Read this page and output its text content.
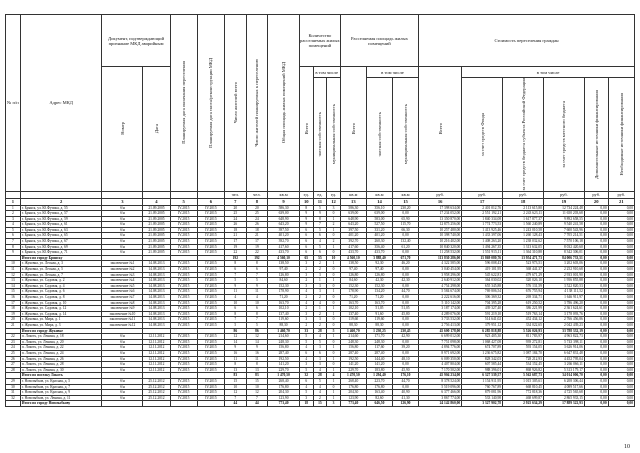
№ п/п	Адрес МКД	Документ, подтверждающий признание МКД аварийным		Планируемая дата окончания переселения	Планируемая дата сноса/реконструкции МКД	Число жителей всего	Число жителей планируемых к переселению	Общая площадь жилых помещений МКД	Количество расселяемых жилых помещений			Расселяемая площадь жилых помещений			Стоимость переселения граждан					

		Номер	Дата						Всего	в том числе		Всего	в том числе		Всего	в том числе				

										частная собственность	муниципальная собственность		частная собственность	муниципальная собственность		за счет средств Фонда	за счет средств бюджета субъекта Российской Федерации	за счет средств местного бюджета	Дополнительные источники финансирования	Необходимые источники финансирования

						чел.	чел.	кв.м	ед.	ед.	ед.	кв.м	кв.м	кв.м	руб.	руб.	руб.	руб.	руб.	руб.
1	2	3	4	5	6	7	8	9	10	11	12	13	14	15	16	17	18	19	20	21
1	г. Брянск, ул. Ю.Фучика, д. 55	б/н	21.09.2005	IV.2015	IV.2015	20	20	586,30	8	5	3	586,30	356,10	230,20	17 398 634,00	2 401 012,76	2 113 615,80	12 734 224,48	0,00	0,00
2	г. Брянск, ул. Ю.Фучика, д. 57	б/н	21.09.2005	IV.2015	IV.2015	25	25	639,00	9	9	0	639,00	639,00	0,00	17 234 052,00	2 551 192,21	2 243 623,11	11 650 203,68	0,00	0,00
3	г. Брянск, ул. Ю.Фучика, д. 59	б/н	21.09.2005	IV.2015	IV.2015	24	24	648,90	9	8	1	648,90	583,00	65,90	13 350 870,00	1 840 334,08	1 617 877,37	9 892 658,55	0,00	0,00
4	г. Брянск, ул. Ю.Фучика, д. 61	б/н	21.09.2005	IV.2015	IV.2015	26	26	643,20	9	7	2	643,20	527,50	115,70	12 875 256,00	1 774 773,53	1 560 240,89	9 540 241,58	0,00	0,00
5	г. Брянск, ул. Ю.Фучика, д. 63	б/н	21.09.2005	IV.2015	IV.2015	18	18	397,50	6	5	1	397,50	331,20	66,30	10 257 480,00	1 413 925,46	1 243 010,58	7 600 543,96	0,00	0,00
6	г. Брянск, ул. Ю.Фучика, д. 65	б/н	21.09.2005	IV.2015	IV.2015	21	21	401,20	6	6	0	401,20	401,20	0,00	10 398 740,00	1 433 397,06	1 260 128,43	7 705 214,51	0,00	0,00
7	г. Брянск, ул. Ю.Фучика, д. 67	б/н	21.09.2005	IV.2015	IV.2015	17	17	392,70	6	4	2	392,70	260,30	132,40	10 216 402,00	1 408 263,20	1 238 032,62	7 570 106,18	0,00	0,00
8	г. Брянск, ул. Ю.Фучика, д. 69	б/н	21.09.2005	IV.2015	IV.2015	19	19	417,60	6	5	1	417,60	356,40	61,20	10 840 320,00	1 494 267,35	1 313 632,05	8 032 420,60	0,00	0,00
9	г. Брянск, ул. Ю.Фучика, д. 71	б/н	21.09.2005	IV.2015	IV.2015	22	22	433,70	6	6	0	433,70	433,70	0,00	11 258 532,00	1 551 915,11	1 364 310,88	8 342 306,01	0,00	0,00
	Итого по городу Брянску					192	192	4 560,10	65	55	10	4 560,10	3 888,40	671,70	113 830 286,00	15 869 080,76	13 954 471,73	84 006 733,51	0,00	0,00
10	г. Жуковка, ул. Лесная, д. 3	заключение №1	14.08.2013	IV.2015	IV.2015	8	8	138,50	3	2	1	138,50	92,30	46,20	4 322 585,00	596 008,43	523 973,51	3 202 603,06	0,00	0,00
11	г. Жуковка, ул. Лесная, д. 5	заключение №2	14.08.2013	IV.2015	IV.2015	6	6	97,40	2	2	0	97,40	97,40	0,00	3 040 454,00	419 101,95	368 441,37	2 252 910,68	0,00	0,00
12	г. Жуковка, ул. Лесная, д. 7	заключение №3	14.08.2013	IV.2015	IV.2015	7	7	126,80	3	3	0	126,80	126,80	0,00	3 958 296,00	545 622,81	479 671,29	2 933 001,90	0,00	0,00
13	г. Жуковка, ул. Садовая, д. 2	заключение №4	14.08.2013	IV.2015	IV.2015	5	5	84,60	2	1	1	84,60	42,30	42,30	2 640 912,00	364 030,02	320 026,10	1 956 855,88	0,00	0,00
14	г. Жуковка, ул. Садовая, д. 4	заключение №5	14.08.2013	IV.2015	IV.2015	9	9	152,30	3	3	0	152,30	152,30	0,00	4 754 298,00	655 345,88	576 131,59	3 522 820,53	0,00	0,00
15	г. Жуковка, ул. Садовая, д. 6	заключение №6	14.08.2013	IV.2015	IV.2015	11	11	178,90	4	3	1	178,90	134,20	44,70	5 584 674,00	769 806,54	676 755,94	4 138 111,52	0,00	0,00
16	г. Жуковка, ул. Садовая, д. 8	заключение №7	14.08.2013	IV.2015	IV.2015	4	4	71,20	2	2	0	71,20	71,20	0,00	2 222 616,00	306 369,32	269 334,71	1 646 911,97	0,00	0,00
17	г. Жуковка, ул. Садовая, д. 10	заключение №8	14.08.2013	IV.2015	IV.2015	10	10	163,70	4	4	0	163,70	163,70	0,00	5 110 142,00	704 395,28	619 250,52	3 786 496,20	0,00	0,00
18	г. Жуковка, ул. Садовая, д. 12	заключение №9	14.08.2013	IV.2015	IV.2015	6	6	102,10	2	1	1	102,10	51,05	51,05	3 187 174,00	439 327,40	386 221,99	2 361 624,61	0,00	0,00
19	г. Жуковка, ул. Садовая, д. 14	заключение №10	14.08.2013	IV.2015	IV.2015	8	8	137,40	3	2	1	137,40	91,60	45,80	4 289 076,00	591 219,10	519 763,14	3 178 093,76	0,00	0,00
20	г. Жуковка, ул. Мира, д. 1	заключение №11	14.08.2013	IV.2015	IV.2015	7	7	119,60	3	3	0	119,60	119,60	0,00	3 733 532,00	514 641,02	452 434,12	2 766 456,86	0,00	0,00
21	г. Жуковка, ул. Мира, д. 3	заключение №12	14.08.2013	IV.2015	IV.2015	5	5	88,30	2	2	0	88,30	88,30	0,00	2 756 413,00	379 951,12	334 022,65	2 042 439,23	0,00	0,00
	Итого по городу Жуковке					86	86	1 460,70	33	28	5	1 460,70	1 230,25	230,45	45 600 178,00	6 285 818,88	5 526 026,93	33 788 332,19	0,00	0,00
22	п. Локоть, ул. Ленина, д. 18	б/н	12.11.2012	IV.2015	IV.2015	12	12	214,60	5	4	1	214,60	171,70	42,90	6 699 012,00	923 405,30	811 783,97	4 963 822,73	0,00	0,00
23	п. Локоть, ул. Ленина, д. 20	б/н	12.11.2012	IV.2015	IV.2015	14	14	248,30	5	5	0	248,30	248,30	0,00	7 751 098,00	1 068 427,08	939 272,81	5 743 398,11	0,00	0,00
24	п. Локоть, ул. Ленина, д. 22	б/н	12.11.2012	IV.2015	IV.2015	9	9	156,80	4	3	1	156,80	117,60	39,20	4 894 776,00	674 707,89	593 154,05	3 626 914,06	0,00	0,00
25	п. Локоть, ул. Ленина, д. 24	б/н	12.11.2012	IV.2015	IV.2015	16	16	287,40	6	6	0	287,40	287,40	0,00	8 971 692,00	1 236 675,82	1 087 184,70	6 647 831,48	0,00	0,00
26	п. Локоть, ул. Ленина, д. 26	б/н	12.11.2012	IV.2015	IV.2015	11	11	192,50	4	3	1	192,50	144,40	48,10	6 009 350,00	828 342,03	728 212,93	4 452 795,04	0,00	0,00
27	п. Локоть, ул. Ленина, д. 28	б/н	12.11.2012	IV.2015	IV.2015	8	8	141,20	3	3	0	141,20	141,20	0,00	4 407 804,00	607 585,44	534 152,45	3 266 066,11	0,00	0,00
28	п. Локоть, ул. Ленина, д. 30	б/н	12.11.2012	IV.2015	IV.2015	13	13	229,70	5	4	1	229,70	183,80	45,90	7 170 502,00	988 396,01	868 926,82	5 313 179,17	0,00	0,00
	Итого по поселку Локоть					83	83	1 470,50	32	28	4	1 470,50	1 294,40	176,10	45 904 234,00	6 327 539,57	5 562 687,73	34 014 006,70	0,00	0,00
29	г. Новозыбков, ул. Красная, д. 5	б/н	25.12.2012	IV.2015	IV.2015	15	15	268,40	6	5	1	268,40	223,70	44,70	8 378 524,00	1 154 911,95	1 015 305,61	6 208 306,44	0,00	0,00
30	г. Новозыбков, ул. Красная, д. 7	б/н	25.12.2012	IV.2015	IV.2015	10	10	176,80	4	4	0	176,80	176,80	0,00	5 519 096,00	760 767,89	668 810,45	4 089 517,66	0,00	0,00
31	г. Новозыбков, ул. Красная, д. 9	б/н	25.12.2012	IV.2015	IV.2015	12	12	204,30	5	4	1	204,30	163,40	40,90	6 377 466,00	879 081,96	772 818,36	4 725 565,68	0,00	0,00
32	г. Новозыбков, ул. Ленина, д. 11	б/н	25.12.2012	IV.2015	IV.2015	7	7	123,90	3	2	1	123,90	82,60	41,30	3 867 774,00	533 140,98	468 699,87	2 865 933,15	0,00	0,00
	Итого по городу Новозыбкову					44	44	773,40	18	15	3	773,40	646,50	126,90	24 142 860,00	3 327 902,78	2 925 634,29	17 889 322,93	0,00	0,00
10
